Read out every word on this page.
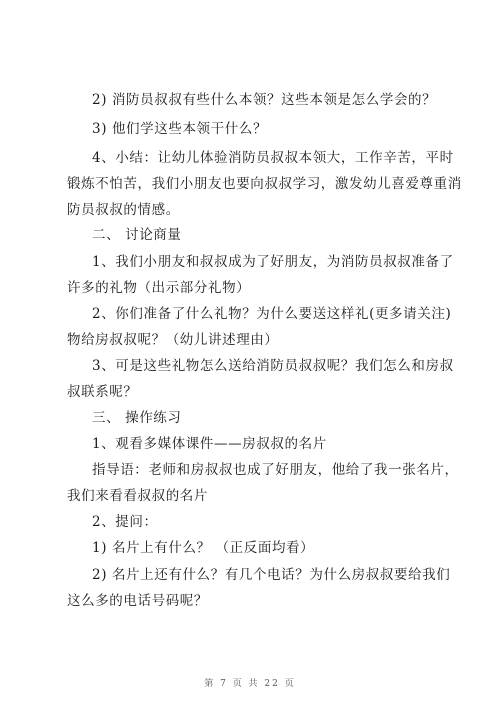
2) 消防员叔叔有些什么本领？这些本领是怎么学会的？
3) 他们学这些本领干什么？
4、小结：让幼儿体验消防员叔叔本领大，工作辛苦，平时
锻炼不怕苦，我们小朋友也要向叔叔学习，激发幼儿喜爱尊重消
防员叔叔的情感。
二、 讨论商量
1、我们小朋友和叔叔成为了好朋友，为消防员叔叔准备了
许多的礼物（出示部分礼物）
2、你们准备了什么礼物？为什么要送这样礼(更多请关注)
物给房叔叔呢？（幼儿讲述理由）
3、可是这些礼物怎么送给消防员叔叔呢？我们怎么和房叔
叔联系呢？
三、 操作练习
1、观看多媒体课件——房叔叔的名片
指导语：老师和房叔叔也成了好朋友，他给了我一张名片，
我们来看看叔叔的名片
2、提问：
1) 名片上有什么？ （正反面均看）
2) 名片上还有什么？有几个电话？为什么房叔叔要给我们
这么多的电话号码呢？
第 7 页 共 22 页
